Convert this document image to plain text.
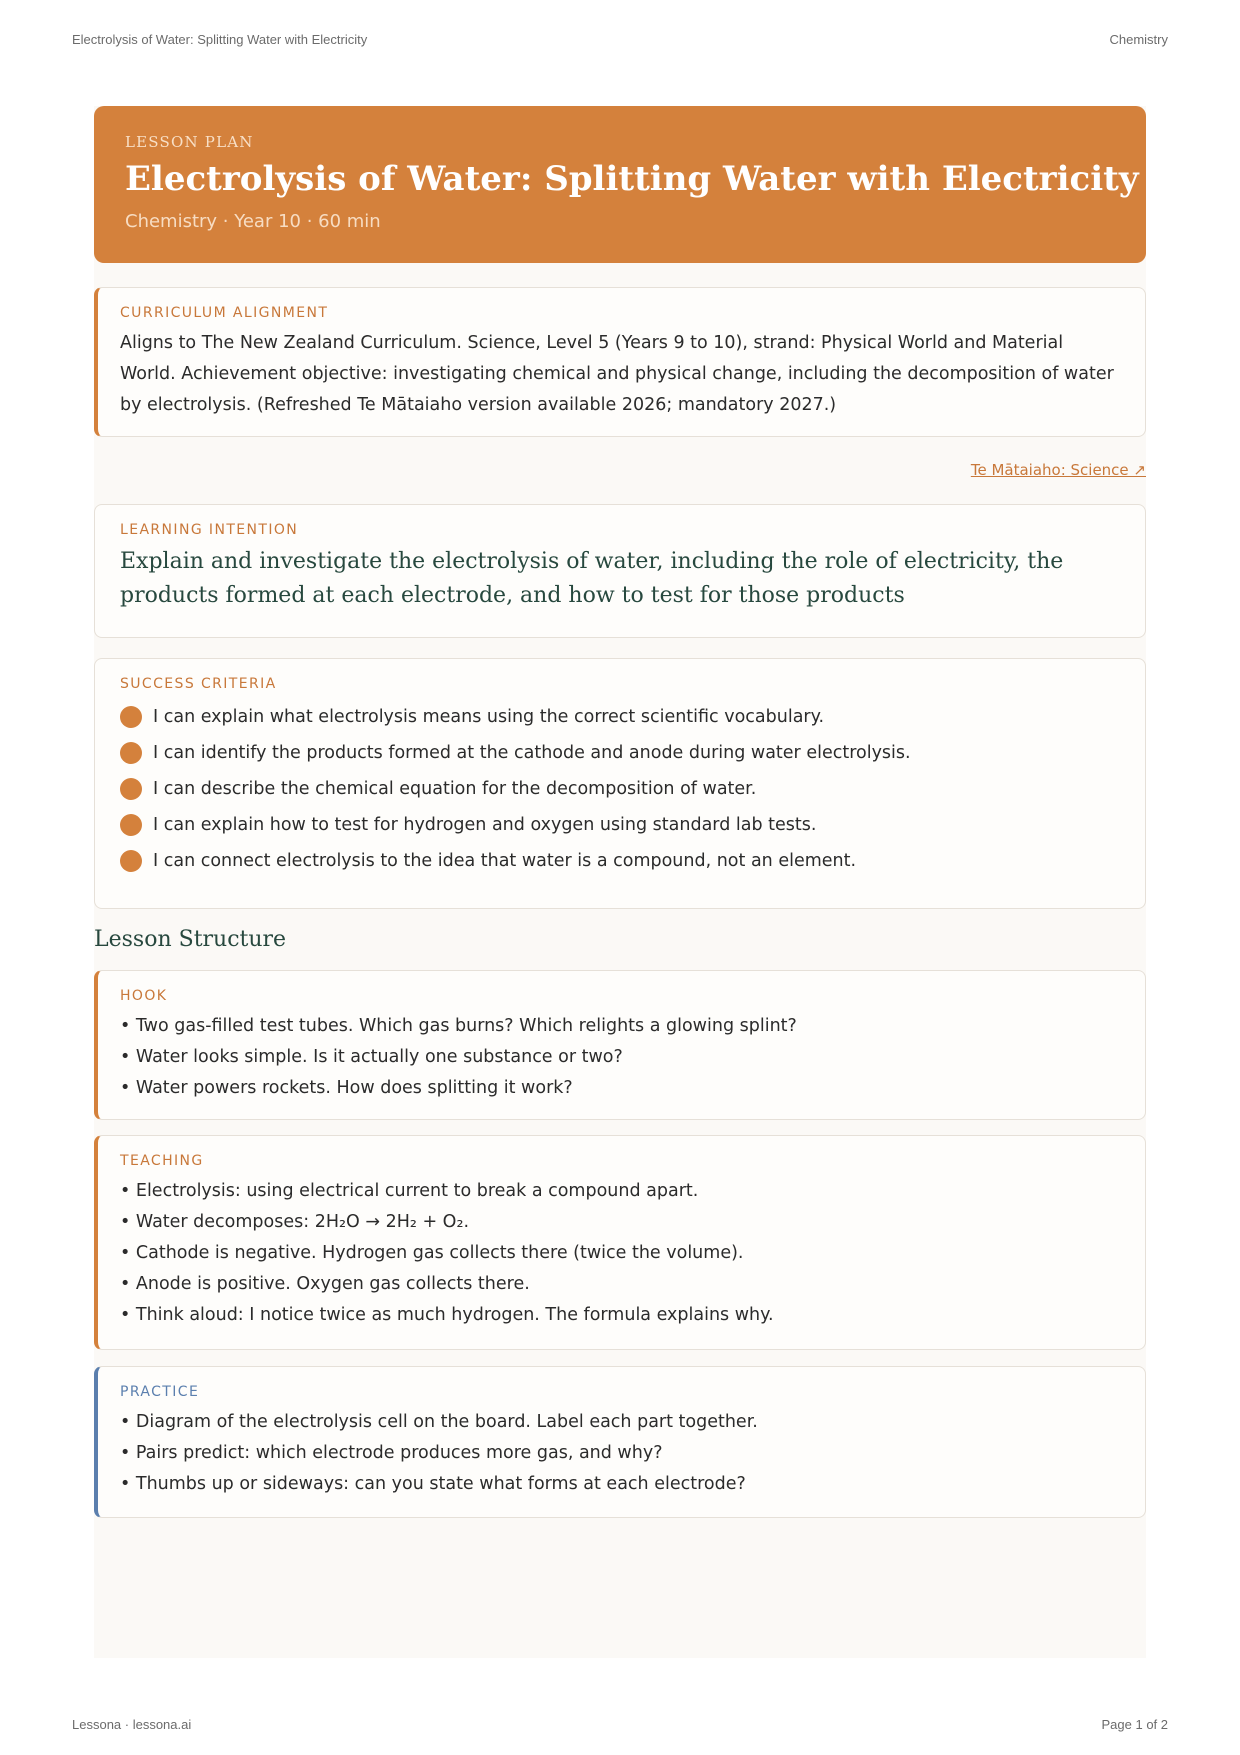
Electrolysis of Water: Splitting Water with Electricity	Chemistry
LESSON PLAN
Electrolysis of Water: Splitting Water with Electricity
Chemistry · Year 10 · 60 min
CURRICULUM ALIGNMENT
Aligns to The New Zealand Curriculum. Science, Level 5 (Years 9 to 10), strand: Physical World and Material World. Achievement objective: investigating chemical and physical change, including the decomposition of water by electrolysis. (Refreshed Te Mātaiaho version available 2026; mandatory 2027.)
Te Mātaiaho: Science ↗
LEARNING INTENTION
Explain and investigate the electrolysis of water, including the role of electricity, the products formed at each electrode, and how to test for those products
SUCCESS CRITERIA
I can explain what electrolysis means using the correct scientific vocabulary.
I can identify the products formed at the cathode and anode during water electrolysis.
I can describe the chemical equation for the decomposition of water.
I can explain how to test for hydrogen and oxygen using standard lab tests.
I can connect electrolysis to the idea that water is a compound, not an element.
Lesson Structure
HOOK
• Two gas-filled test tubes. Which gas burns? Which relights a glowing splint?
• Water looks simple. Is it actually one substance or two?
• Water powers rockets. How does splitting it work?
TEACHING
• Electrolysis: using electrical current to break a compound apart.
• Water decomposes: 2H₂O → 2H₂ + O₂.
• Cathode is negative. Hydrogen gas collects there (twice the volume).
• Anode is positive. Oxygen gas collects there.
• Think aloud: I notice twice as much hydrogen. The formula explains why.
PRACTICE
• Diagram of the electrolysis cell on the board. Label each part together.
• Pairs predict: which electrode produces more gas, and why?
• Thumbs up or sideways: can you state what forms at each electrode?
Lessona · lessona.ai	Page 1 of 2
